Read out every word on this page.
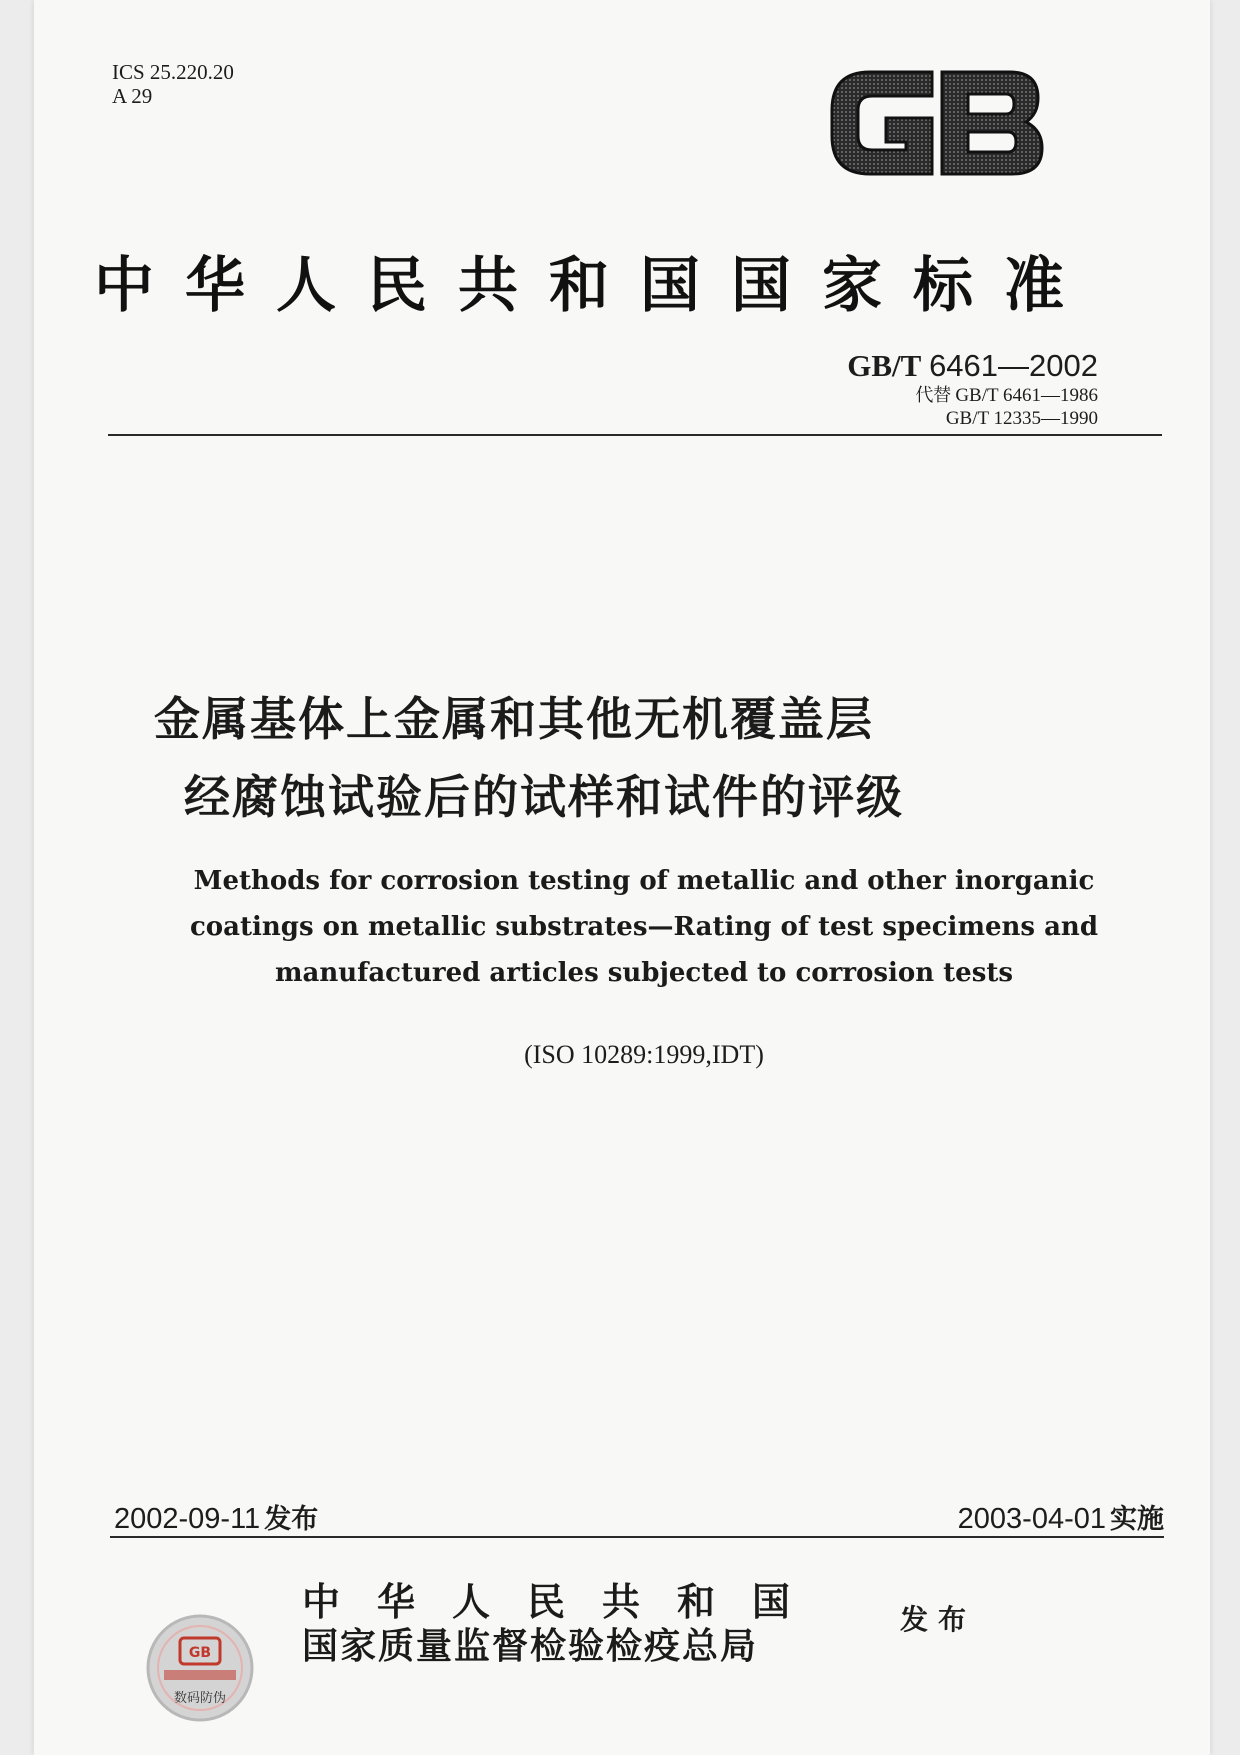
ICS 25.220.20
A 29
中华人民共和国国家标准
GB/T 6461—2002
代替 GB/T 6461—1986
GB/T 12335—1990
金属基体上金属和其他无机覆盖层
经腐蚀试验后的试样和试件的评级
Methods for corrosion testing of metallic and other inorganic
coatings on metallic substrates—Rating of test specimens and
manufactured articles subjected to corrosion tests
(ISO 10289:1999,IDT)
2002-09-11 发布	2003-04-01 实施
GB
数码防伪
中华人民共和国
国家质量监督检验检疫总局
发布
